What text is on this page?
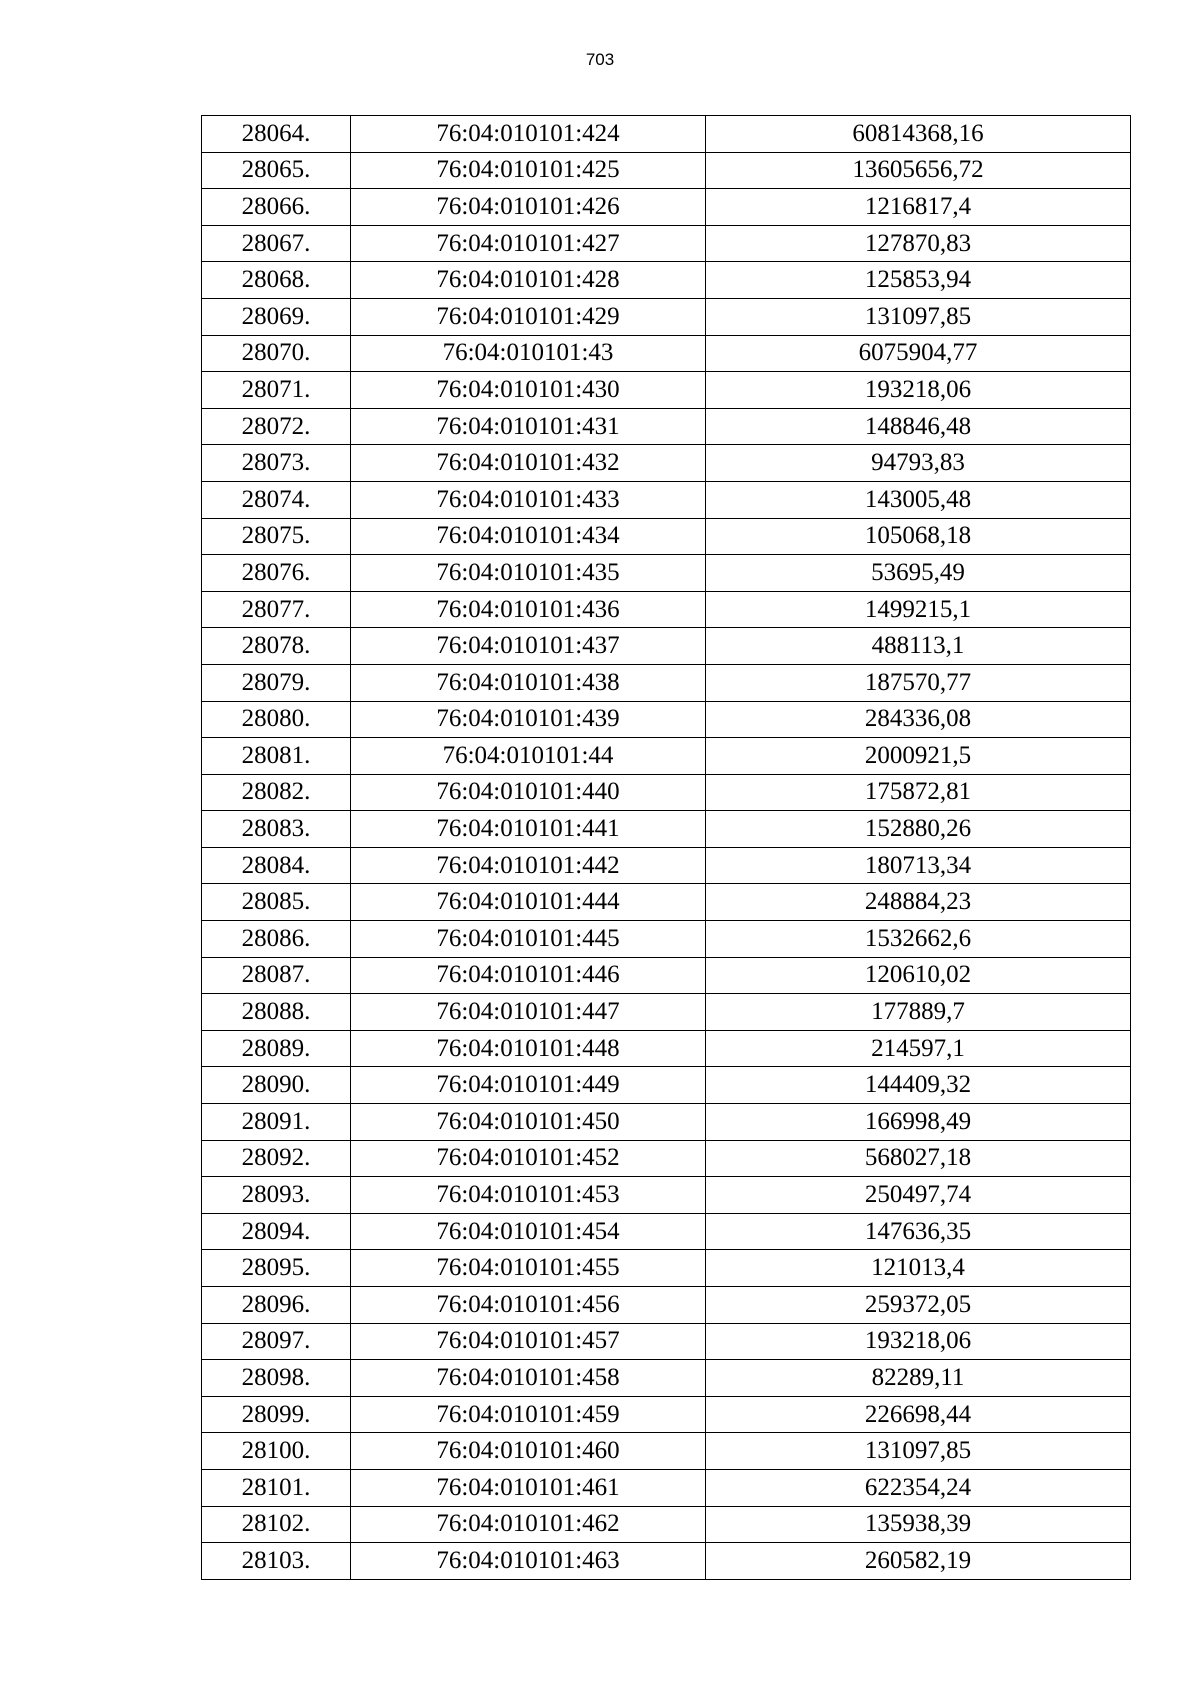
703
28064.	76:04:010101:424	60814368,16
28065.	76:04:010101:425	13605656,72
28066.	76:04:010101:426	1216817,4
28067.	76:04:010101:427	127870,83
28068.	76:04:010101:428	125853,94
28069.	76:04:010101:429	131097,85
28070.	76:04:010101:43	6075904,77
28071.	76:04:010101:430	193218,06
28072.	76:04:010101:431	148846,48
28073.	76:04:010101:432	94793,83
28074.	76:04:010101:433	143005,48
28075.	76:04:010101:434	105068,18
28076.	76:04:010101:435	53695,49
28077.	76:04:010101:436	1499215,1
28078.	76:04:010101:437	488113,1
28079.	76:04:010101:438	187570,77
28080.	76:04:010101:439	284336,08
28081.	76:04:010101:44	2000921,5
28082.	76:04:010101:440	175872,81
28083.	76:04:010101:441	152880,26
28084.	76:04:010101:442	180713,34
28085.	76:04:010101:444	248884,23
28086.	76:04:010101:445	1532662,6
28087.	76:04:010101:446	120610,02
28088.	76:04:010101:447	177889,7
28089.	76:04:010101:448	214597,1
28090.	76:04:010101:449	144409,32
28091.	76:04:010101:450	166998,49
28092.	76:04:010101:452	568027,18
28093.	76:04:010101:453	250497,74
28094.	76:04:010101:454	147636,35
28095.	76:04:010101:455	121013,4
28096.	76:04:010101:456	259372,05
28097.	76:04:010101:457	193218,06
28098.	76:04:010101:458	82289,11
28099.	76:04:010101:459	226698,44
28100.	76:04:010101:460	131097,85
28101.	76:04:010101:461	622354,24
28102.	76:04:010101:462	135938,39
28103.	76:04:010101:463	260582,19
